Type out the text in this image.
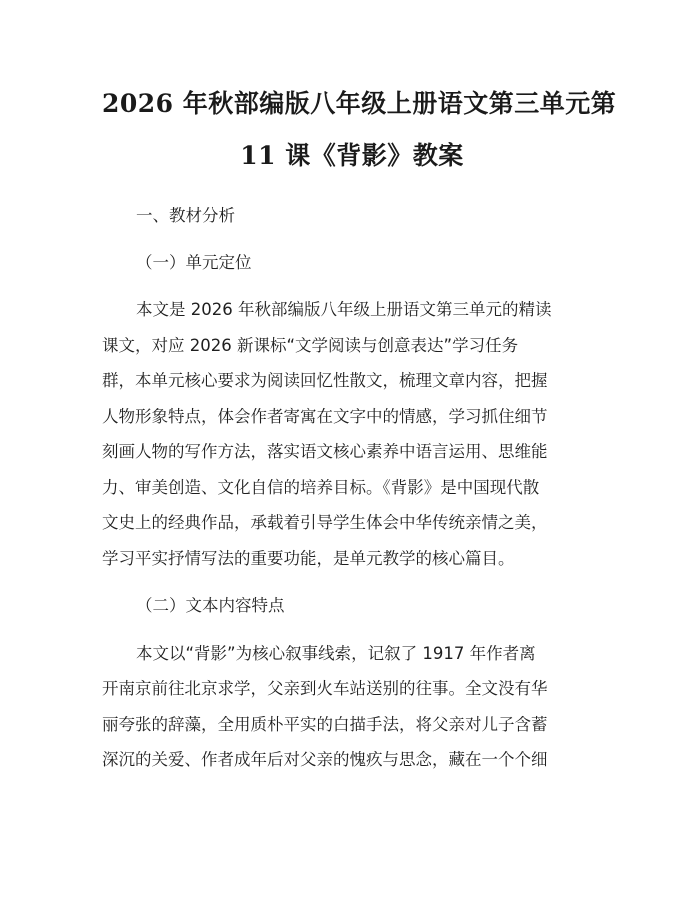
2026 年秋部编版八年级上册语文第三单元第
11 课《背影》教案
一、教材分析
（一）单元定位
本文是 2026 年秋部编版八年级上册语文第三单元的精读
课文，对应 2026 新课标“文学阅读与创意表达”学习任务
群，本单元核心要求为阅读回忆性散文，梳理文章内容，把握
人物形象特点，体会作者寄寓在文字中的情感，学习抓住细节
刻画人物的写作方法，落实语文核心素养中语言运用、思维能
力、审美创造、文化自信的培养目标。《背影》是中国现代散
文史上的经典作品，承载着引导学生体会中华传统亲情之美，
学习平实抒情写法的重要功能，是单元教学的核心篇目。
（二）文本内容特点
本文以“背影”为核心叙事线索，记叙了 1917 年作者离
开南京前往北京求学，父亲到火车站送别的往事。全文没有华
丽夸张的辞藻，全用质朴平实的白描手法，将父亲对儿子含蓄
深沉的关爱、作者成年后对父亲的愧疚与思念，藏在一个个细
